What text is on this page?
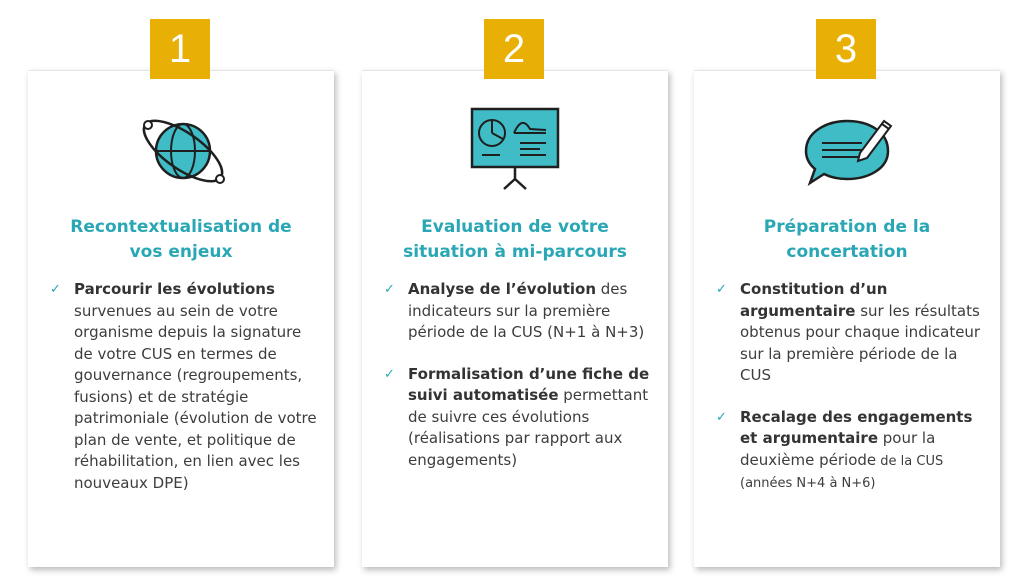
1
Recontextualisation de
vos enjeux
✓ Parcourir les évolutions survenues au sein de votre organisme depuis la signature de votre CUS en termes de gouvernance (regroupements, fusions) et de stratégie patrimoniale (évolution de votre plan de vente, et politique de réhabilitation, en lien avec les nouveaux DPE)
2
Evaluation de votre
situation à mi-parcours
✓ Analyse de l’évolution des indicateurs sur la première période de la CUS (N+1 à N+3)
✓ Formalisation d’une fiche de suivi automatisée permettant de suivre ces évolutions (réalisations par rapport aux engagements)
3
Préparation de la
concertation
✓ Constitution d’un argumentaire sur les résultats obtenus pour chaque indicateur sur la première période de la CUS
✓ Recalage des engagements et argumentaire pour la deuxième période de la CUS (années N+4 à N+6)
